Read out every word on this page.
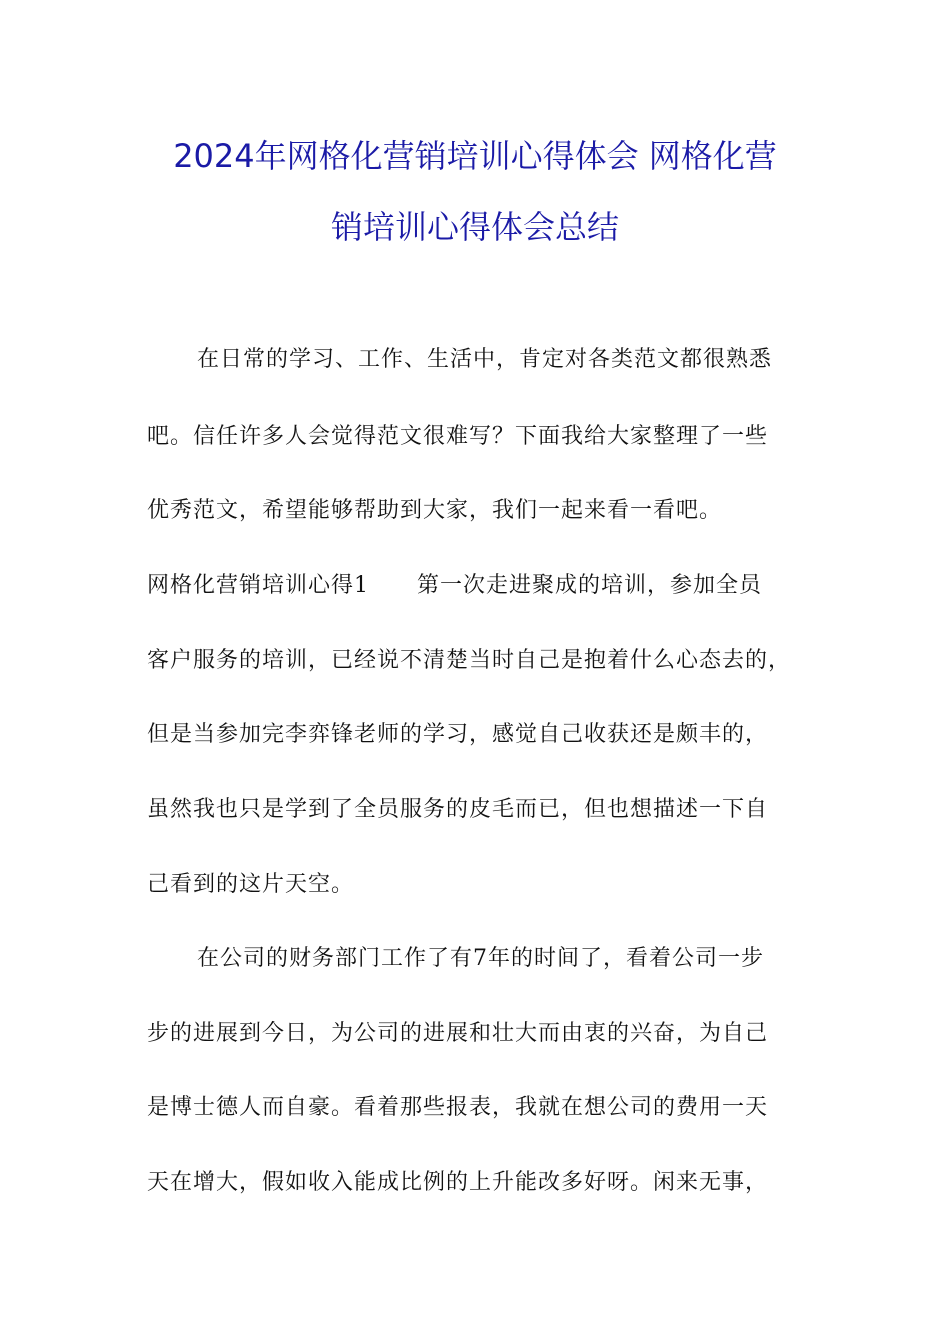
2024年网格化营销培训心得体会 网格化营
销培训心得体会总结
在日常的学习、工作、生活中，肯定对各类范文都很熟悉
吧。信任许多人会觉得范文很难写？下面我给大家整理了一些
优秀范文，希望能够帮助到大家，我们一起来看一看吧。
网格化营销培训心得1 第一次走进聚成的培训，参加全员
客户服务的培训，已经说不清楚当时自己是抱着什么心态去的，
但是当参加完李弈锋老师的学习，感觉自己收获还是颇丰的，
虽然我也只是学到了全员服务的皮毛而已，但也想描述一下自
己看到的这片天空。
在公司的财务部门工作了有7年的时间了，看着公司一步
步的进展到今日，为公司的进展和壮大而由衷的兴奋，为自己
是博士德人而自豪。看着那些报表，我就在想公司的费用一天
天在增大，假如收入能成比例的上升能改多好呀。闲来无事，
